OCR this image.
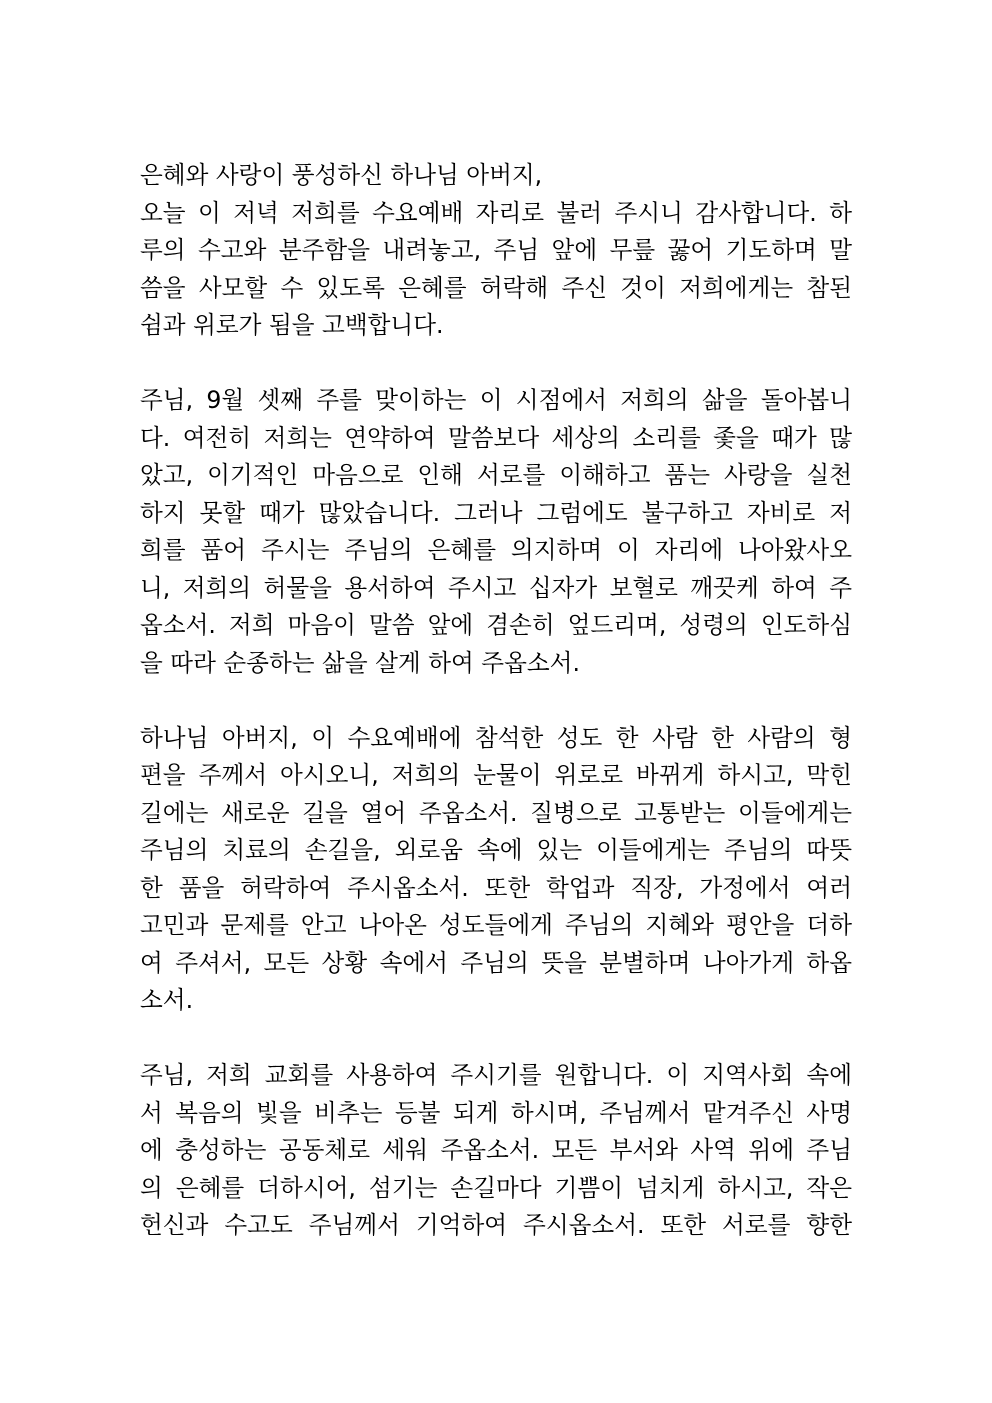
은혜와 사랑이 풍성하신 하나님 아버지,
오늘 이 저녁 저희를 수요예배 자리로 불러 주시니 감사합니다. 하
루의 수고와 분주함을 내려놓고, 주님 앞에 무릎 꿇어 기도하며 말
씀을 사모할 수 있도록 은혜를 허락해 주신 것이 저희에게는 참된
쉼과 위로가 됨을 고백합니다.
주님, 9월 셋째 주를 맞이하는 이 시점에서 저희의 삶을 돌아봅니
다. 여전히 저희는 연약하여 말씀보다 세상의 소리를 좇을 때가 많
았고, 이기적인 마음으로 인해 서로를 이해하고 품는 사랑을 실천
하지 못할 때가 많았습니다. 그러나 그럼에도 불구하고 자비로 저
희를 품어 주시는 주님의 은혜를 의지하며 이 자리에 나아왔사오
니, 저희의 허물을 용서하여 주시고 십자가 보혈로 깨끗케 하여 주
옵소서. 저희 마음이 말씀 앞에 겸손히 엎드리며, 성령의 인도하심
을 따라 순종하는 삶을 살게 하여 주옵소서.
하나님 아버지, 이 수요예배에 참석한 성도 한 사람 한 사람의 형
편을 주께서 아시오니, 저희의 눈물이 위로로 바뀌게 하시고, 막힌
길에는 새로운 길을 열어 주옵소서. 질병으로 고통받는 이들에게는
주님의 치료의 손길을, 외로움 속에 있는 이들에게는 주님의 따뜻
한 품을 허락하여 주시옵소서. 또한 학업과 직장, 가정에서 여러
고민과 문제를 안고 나아온 성도들에게 주님의 지혜와 평안을 더하
여 주셔서, 모든 상황 속에서 주님의 뜻을 분별하며 나아가게 하옵
소서.
주님, 저희 교회를 사용하여 주시기를 원합니다. 이 지역사회 속에
서 복음의 빛을 비추는 등불 되게 하시며, 주님께서 맡겨주신 사명
에 충성하는 공동체로 세워 주옵소서. 모든 부서와 사역 위에 주님
의 은혜를 더하시어, 섬기는 손길마다 기쁨이 넘치게 하시고, 작은
헌신과 수고도 주님께서 기억하여 주시옵소서. 또한 서로를 향한
